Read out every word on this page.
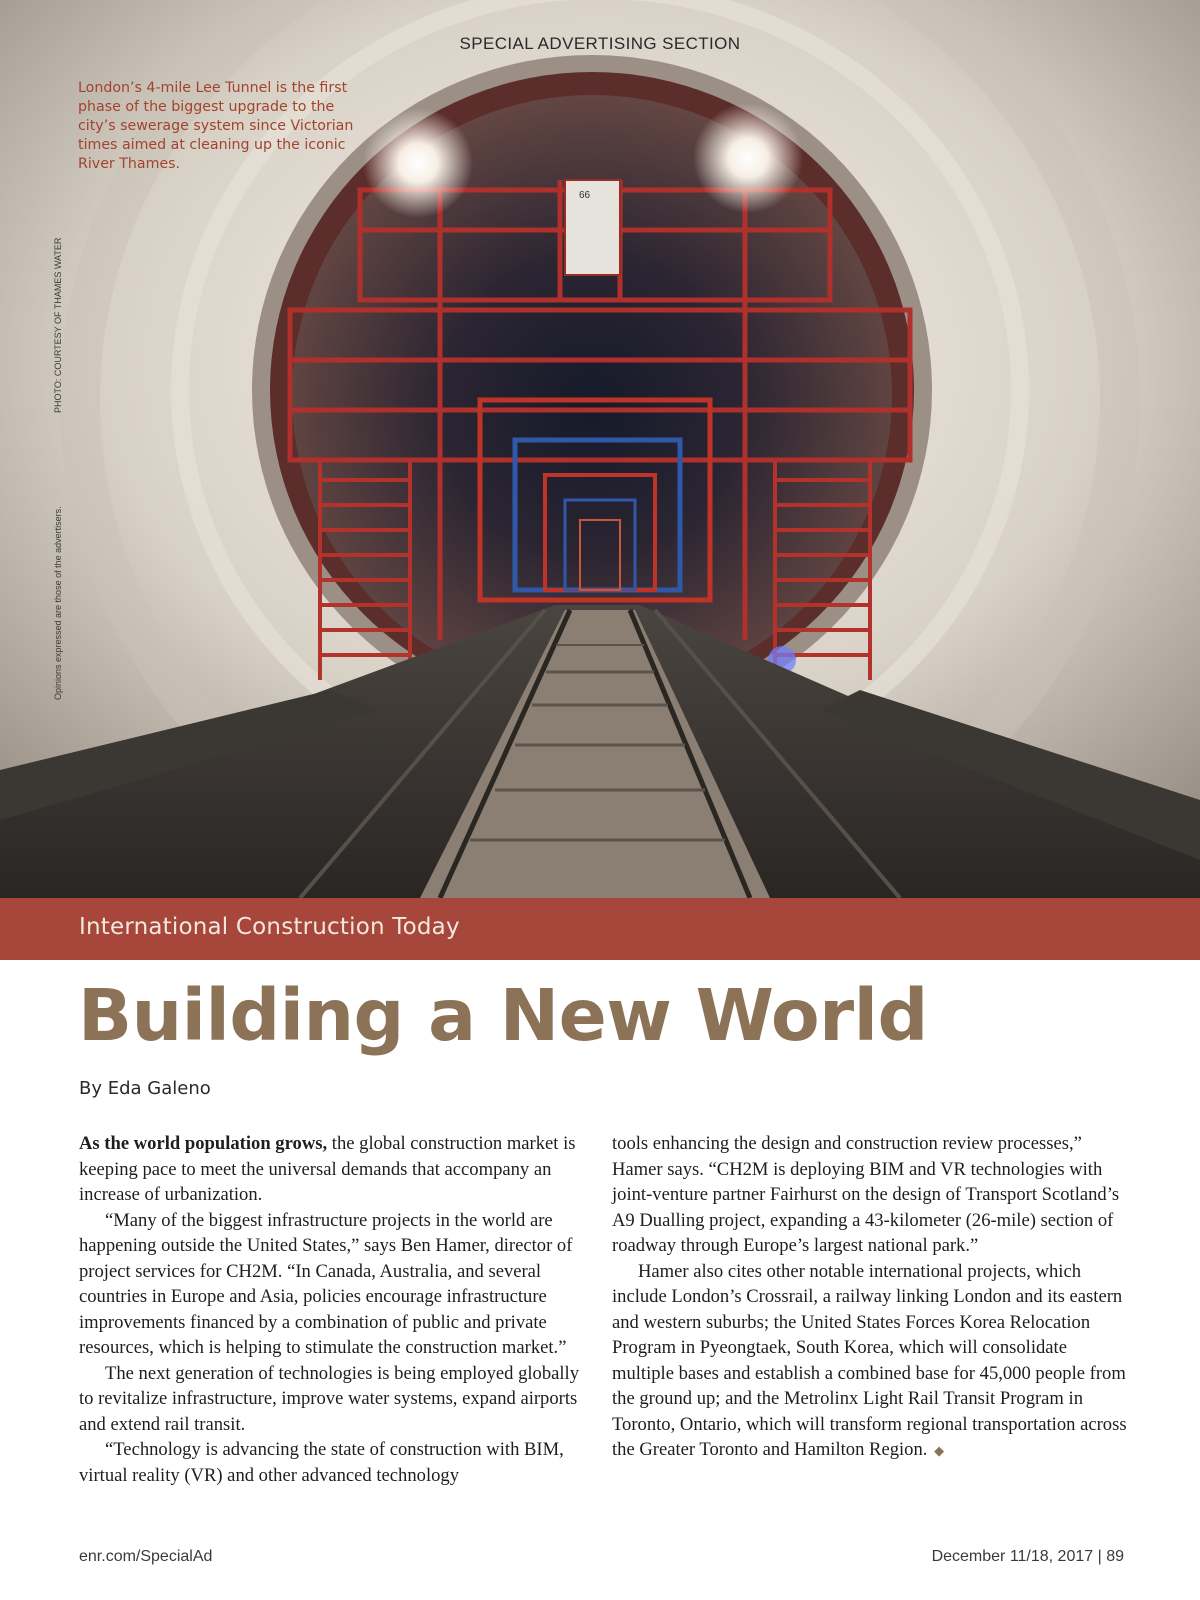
66
SPECIAL ADVERTISING SECTION
London’s 4-mile Lee Tunnel is the first phase of the biggest upgrade to the city’s sewerage system since Victorian times aimed at cleaning up the iconic River Thames.
PHOTO: COURTESY OF THAMES WATER
Opinions expressed are those of the advertisers.
International Construction Today
Building a New World
By Eda Galeno

As the world population grows, the global construction market is keeping pace to meet the universal demands that accompany an increase of urbanization.

“Many of the biggest infrastructure projects in the world are happening outside the United States,” says Ben Hamer, director of project services for CH2M. “In Canada, Australia, and several countries in Europe and Asia, policies encourage infrastructure improvements financed by a combination of public and private resources, which is helping to stimulate the construction market.”

The next generation of technologies is being employed globally to revitalize infrastructure, improve water systems, expand airports and extend rail transit.

“Technology is advancing the state of construction with BIM, virtual reality (VR) and other advanced technology

tools enhancing the design and construction review processes,” Hamer says. “CH2M is deploying BIM and VR technologies with joint-venture partner Fairhurst on the design of Transport Scotland’s A9 Dualling project, expanding a 43-kilometer (26-mile) section of roadway through Europe’s largest national park.”

Hamer also cites other notable international projects, which include London’s Crossrail, a railway linking London and its eastern and western suburbs; the United States Forces Korea Relocation Program in Pyeongtaek, South Korea, which will consolidate multiple bases and establish a combined base for 45,000 people from the ground up; and the Metrolinx Light Rail Transit Program in Toronto, Ontario, which will transform regional transportation across the Greater Toronto and Hamilton Region. ◆

enr.com/SpecialAd	December 11/18, 2017 | 89
